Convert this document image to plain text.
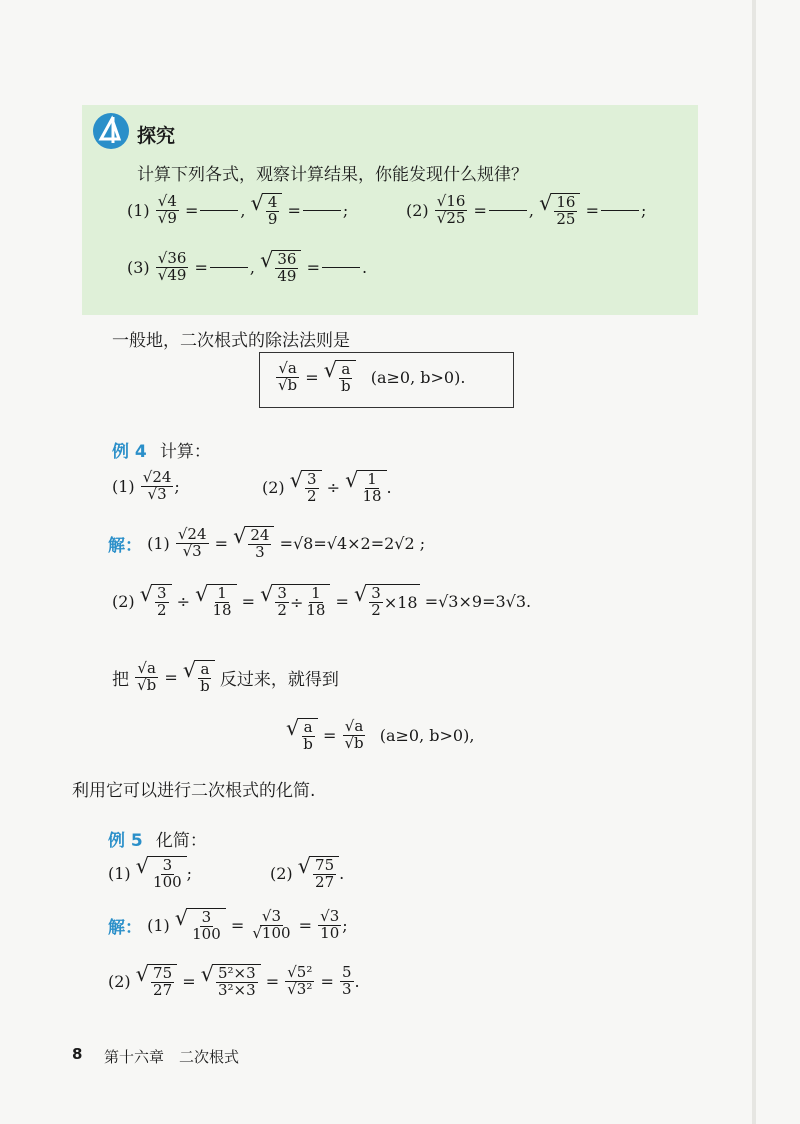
探究
计算下列各式，观察计算结果，你能发现什么规律？
$(1) \frac{√4}{√9}$ =	, √ $\frac{4}{9}$ =	;	$(2) \frac{√16}{√25}$ =	, √ $\frac{16}{25}$ =	;
$(3) \frac{√36}{√49}$ =	, √ $\frac{36}{49}$ =	.
一般地，二次根式的除法法则是
$\frac{√a}{√b}$ = √ $\frac{a}{b} (a\ge 0$, b>0).
例 4 计算：
$(1) \frac{√24}{√3}$ ;	(2) √ $\frac{3}{2}$ ÷ √ $\frac{1}{18}$ .
解： $(1) \frac{√24}{√3}$ = √ $\frac{24}{3} =√8=√4\times 2=2√2$ ;
(2) √ $\frac{3}{2}$ ÷ √ $\frac{1}{18}$ = √ $\frac{3}{2} \div \frac{1}{18}$ = √ $\frac{3}{2} \times 18 =√3\times 9=3√3$.
把 $\frac{√a}{√b}$ = √ $\frac{a}{b}$ 反过来，就得到
√ $\frac{a}{b} = \frac{√a}{√b} (a\ge 0$, b>0),
利用它可以进行二次根式的化简.
例 5 化简：
(1) √ $\frac{3}{100}$ ;	(2) √ $\frac{75}{27}$ .
解： (1) √ $\frac{3}{100} = \frac{√3}{√100} = \frac{√3}{10}$ ;
(2) √ $\frac{75}{27}$ = √ $\frac{\text{5²×3}}{\text{3²×3}} = \frac{\text{√5²}}{\text{√3²}} = \frac{5}{3}$ .
8 第十六章　二次根式
